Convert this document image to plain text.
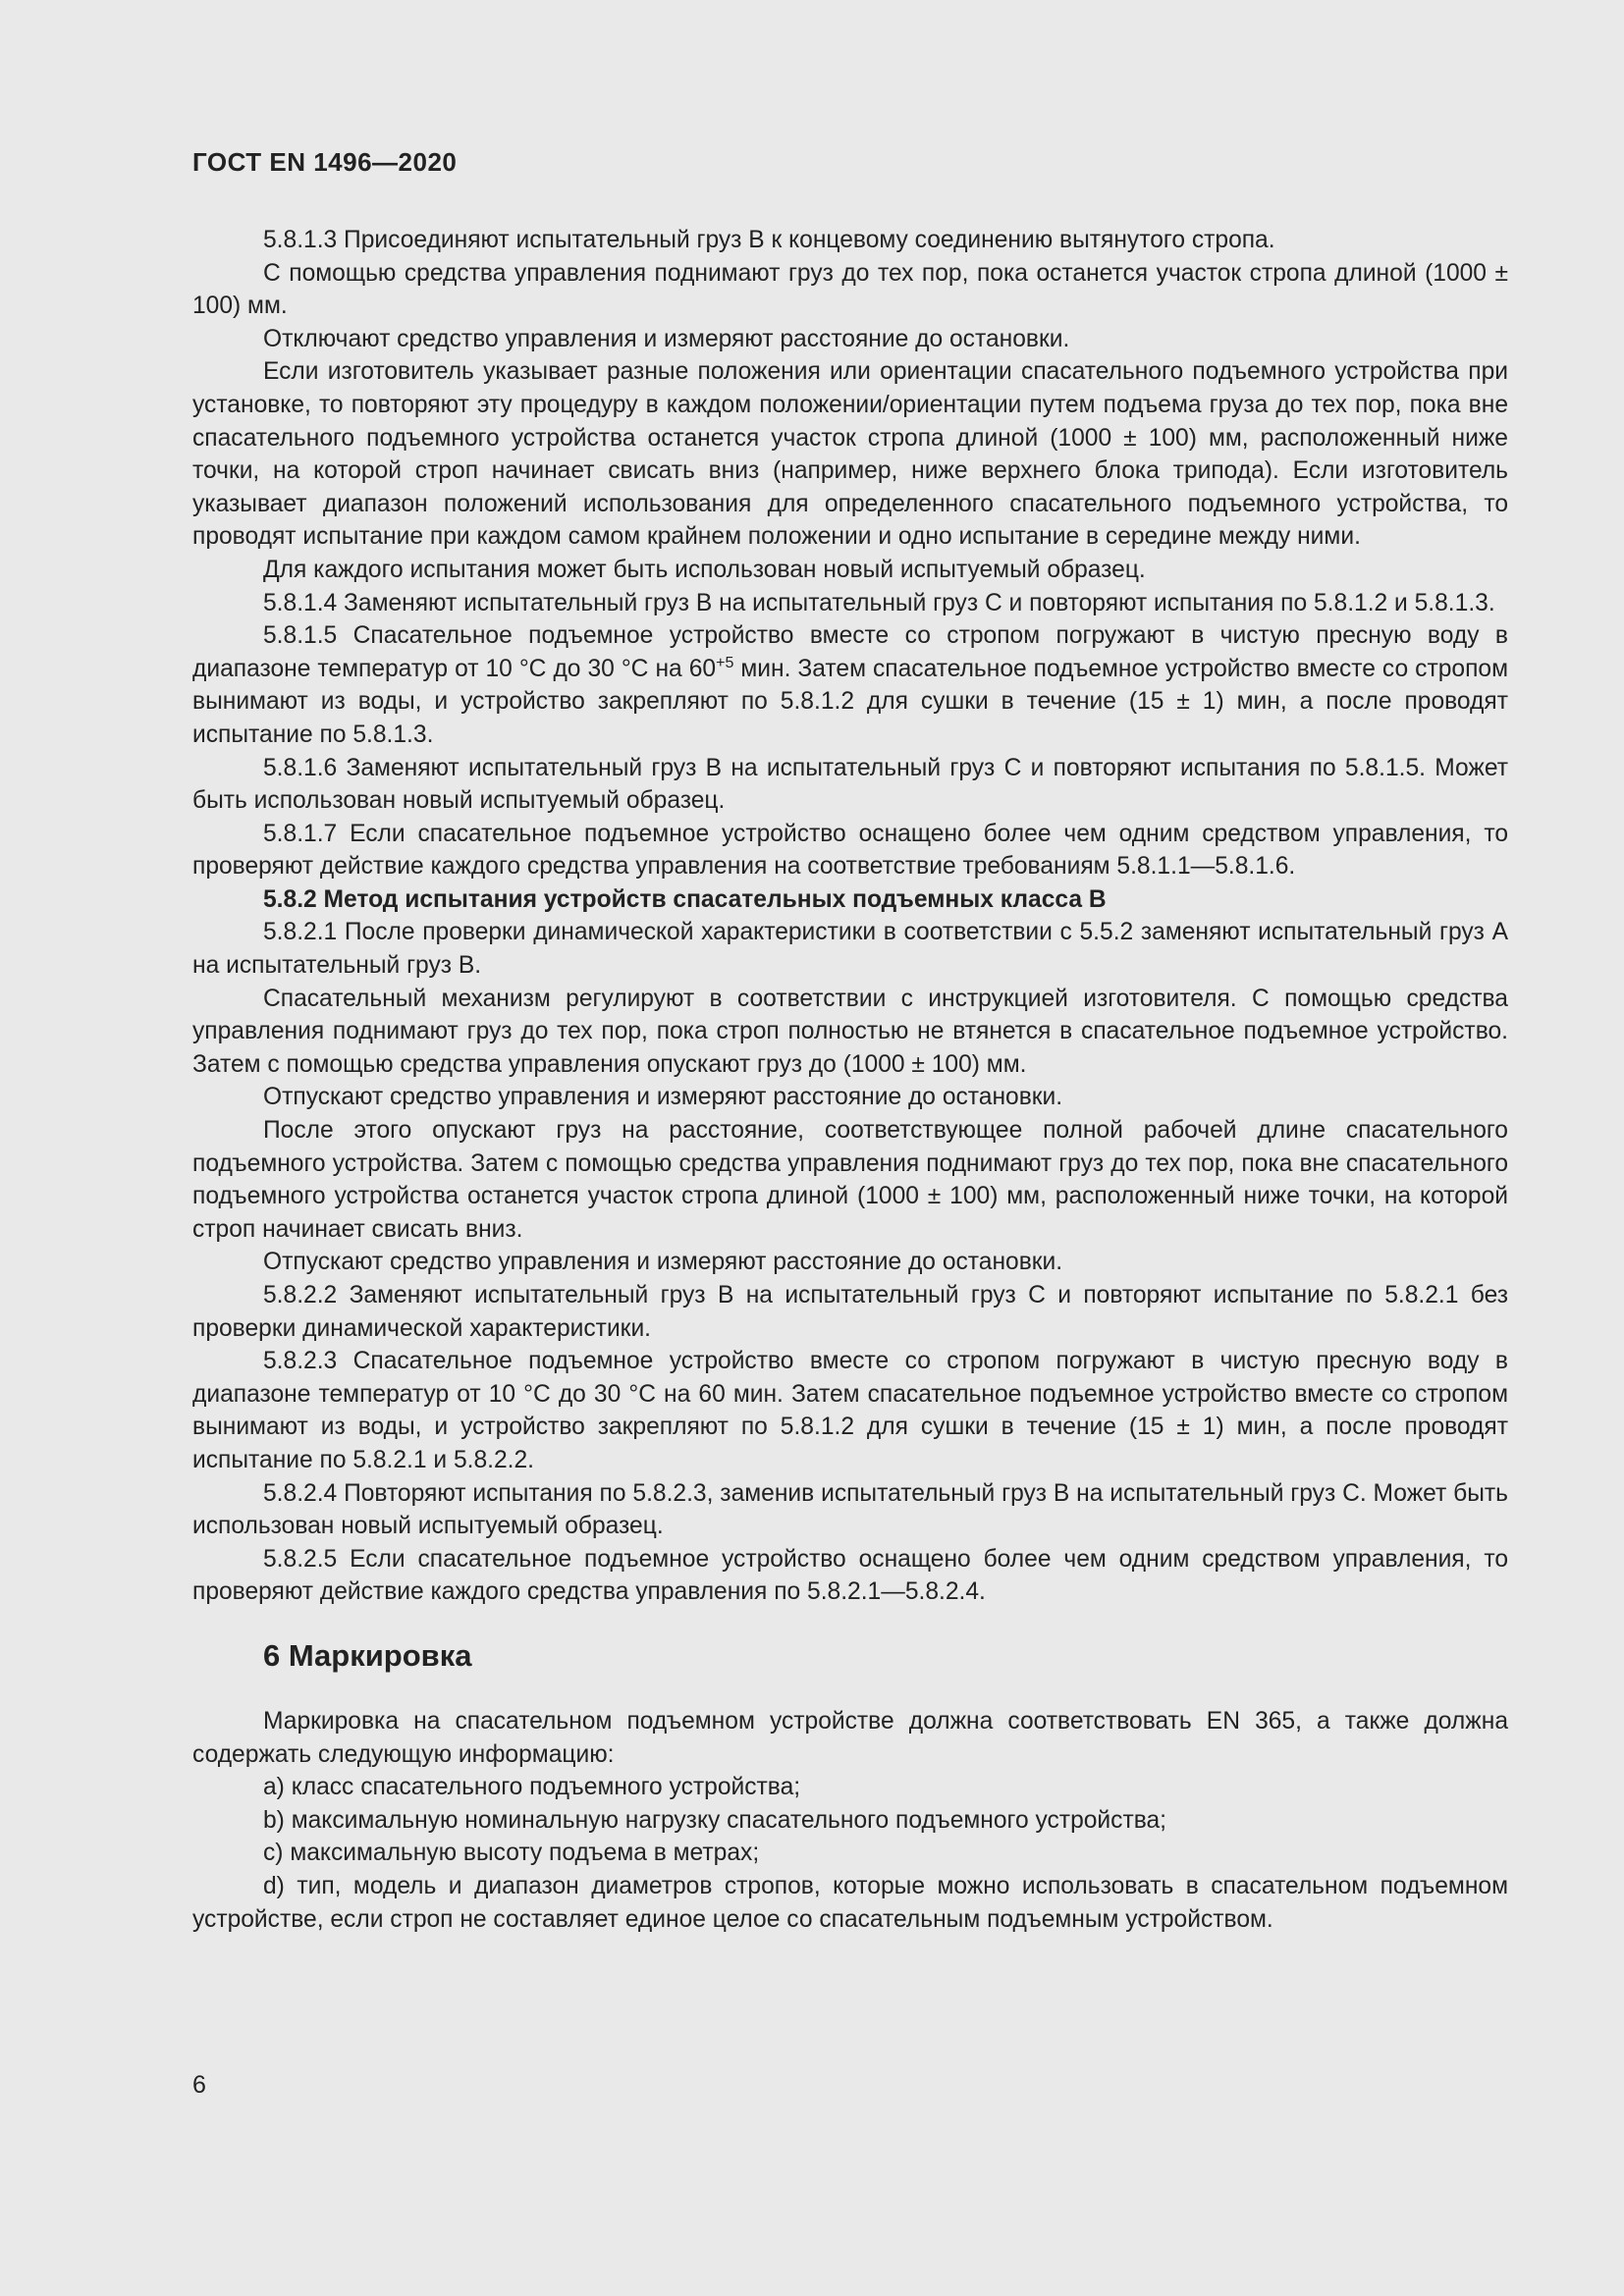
ГОСТ EN 1496—2020

5.8.1.3 Присоединяют испытательный груз В к концевому соединению вытянутого стропа.

С помощью средства управления поднимают груз до тех пор, пока останется участок стропа длиной (1000 ± 100) мм.

Отключают средство управления и измеряют расстояние до остановки.

Если изготовитель указывает разные положения или ориентации спасательного подъемного устройства при установке, то повторяют эту процедуру в каждом положении/ориентации путем подъема груза до тех пор, пока вне спасательного подъемного устройства останется участок стропа длиной (1000 ± 100) мм, расположенный ниже точки, на которой строп начинает свисать вниз (например, ниже верхнего блока трипода). Если изготовитель указывает диапазон положений использования для определенного спасательного подъемного устройства, то проводят испытание при каждом самом крайнем положении и одно испытание в середине между ними.

Для каждого испытания может быть использован новый испытуемый образец.

5.8.1.4 Заменяют испытательный груз В на испытательный груз С и повторяют испытания по 5.8.1.2 и 5.8.1.3.

5.8.1.5 Спасательное подъемное устройство вместе со стропом погружают в чистую пресную воду в диапазоне температур от 10 °С до 30 °С на $60^{+5}$ мин. Затем спасательное подъемное устройство вместе со стропом вынимают из воды, и устройство закрепляют по 5.8.1.2 для сушки в течение (15 ± 1) мин, а после проводят испытание по 5.8.1.3.

5.8.1.6 Заменяют испытательный груз В на испытательный груз С и повторяют испытания по 5.8.1.5. Может быть использован новый испытуемый образец.

5.8.1.7 Если спасательное подъемное устройство оснащено более чем одним средством управления, то проверяют действие каждого средства управления на соответствие требованиям 5.8.1.1—5.8.1.6.

5.8.2 Метод испытания устройств спасательных подъемных класса В

5.8.2.1 После проверки динамической характеристики в соответствии с 5.5.2 заменяют испытательный груз А на испытательный груз В.

Спасательный механизм регулируют в соответствии с инструкцией изготовителя. С помощью средства управления поднимают груз до тех пор, пока строп полностью не втянется в спасательное подъемное устройство. Затем с помощью средства управления опускают груз до (1000 ± 100) мм.

Отпускают средство управления и измеряют расстояние до остановки.

После этого опускают груз на расстояние, соответствующее полной рабочей длине спасательного подъемного устройства. Затем с помощью средства управления поднимают груз до тех пор, пока вне спасательного подъемного устройства останется участок стропа длиной (1000 ± 100) мм, расположенный ниже точки, на которой строп начинает свисать вниз.

Отпускают средство управления и измеряют расстояние до остановки.

5.8.2.2 Заменяют испытательный груз В на испытательный груз С и повторяют испытание по 5.8.2.1 без проверки динамической характеристики.

5.8.2.3 Спасательное подъемное устройство вместе со стропом погружают в чистую пресную воду в диапазоне температур от 10 °С до 30 °С на 60 мин. Затем спасательное подъемное устройство вместе со стропом вынимают из воды, и устройство закрепляют по 5.8.1.2 для сушки в течение (15 ± 1) мин, а после проводят испытание по 5.8.2.1 и 5.8.2.2.

5.8.2.4 Повторяют испытания по 5.8.2.3, заменив испытательный груз В на испытательный груз С. Может быть использован новый испытуемый образец.

5.8.2.5 Если спасательное подъемное устройство оснащено более чем одним средством управления, то проверяют действие каждого средства управления по 5.8.2.1—5.8.2.4.

6 Маркировка

Маркировка на спасательном подъемном устройстве должна соответствовать EN 365, а также должна содержать следующую информацию:

a) класс спасательного подъемного устройства;

b) максимальную номинальную нагрузку спасательного подъемного устройства;

c) максимальную высоту подъема в метрах;

d) тип, модель и диапазон диаметров стропов, которые можно использовать в спасательном подъемном устройстве, если строп не составляет единое целое со спасательным подъемным устройством.

6
